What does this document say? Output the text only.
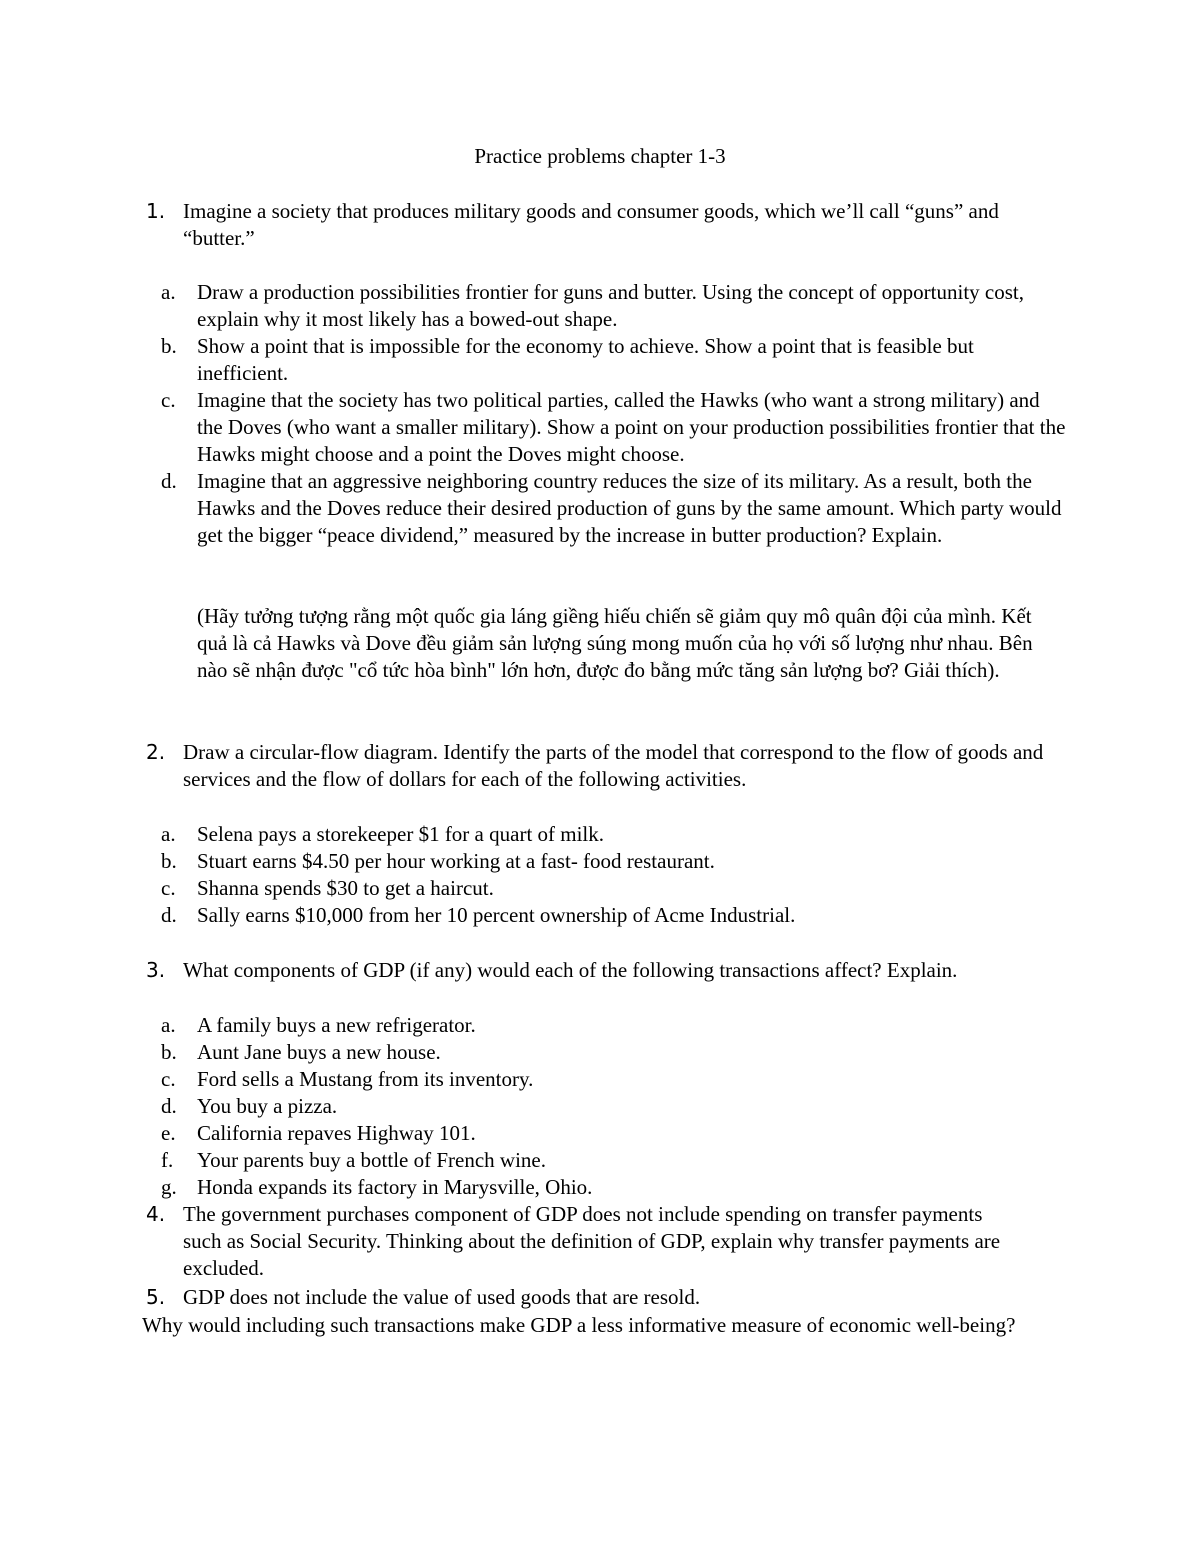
Practice problems chapter 1-3
1. Imagine a society that produces military goods and consumer goods, which we’ll call “guns” and “butter.”
a. Draw a production possibilities frontier for guns and butter. Using the concept of opportunity cost, explain why it most likely has a bowed-out shape.
b. Show a point that is impossible for the economy to achieve. Show a point that is feasible but inefficient.
c. Imagine that the society has two political parties, called the Hawks (who want a strong military) and the Doves (who want a smaller military). Show a point on your production possibilities frontier that the Hawks might choose and a point the Doves might choose.
d. Imagine that an aggressive neighboring country reduces the size of its military. As a result, both the Hawks and the Doves reduce their desired production of guns by the same amount. Which party would get the bigger “peace dividend,” measured by the increase in butter production? Explain.
(Hãy tưởng tượng rằng một quốc gia láng giềng hiếu chiến sẽ giảm quy mô quân đội của mình. Kết quả là cả Hawks và Dove đều giảm sản lượng súng mong muốn của họ với số lượng như nhau. Bên nào sẽ nhận được "cổ tức hòa bình" lớn hơn, được đo bằng mức tăng sản lượng bơ? Giải thích).
2. Draw a circular-flow diagram. Identify the parts of the model that correspond to the flow of goods and services and the flow of dollars for each of the following activities.
a. Selena pays a storekeeper $1 for a quart of milk.
b. Stuart earns $4.50 per hour working at a fast- food restaurant.
c. Shanna spends $30 to get a haircut.
d. Sally earns $10,000 from her 10 percent ownership of Acme Industrial.
3. What components of GDP (if any) would each of the following transactions affect? Explain.
a. A family buys a new refrigerator.
b. Aunt Jane buys a new house.
c. Ford sells a Mustang from its inventory.
d. You buy a pizza.
e. California repaves Highway 101.
f. Your parents buy a bottle of French wine.
g. Honda expands its factory in Marysville, Ohio.
4. The government purchases component of GDP does not include spending on transfer payments such as Social Security. Thinking about the definition of GDP, explain why transfer payments are excluded.
5. GDP does not include the value of used goods that are resold.
Why would including such transactions make GDP a less informative measure of economic well-being?
